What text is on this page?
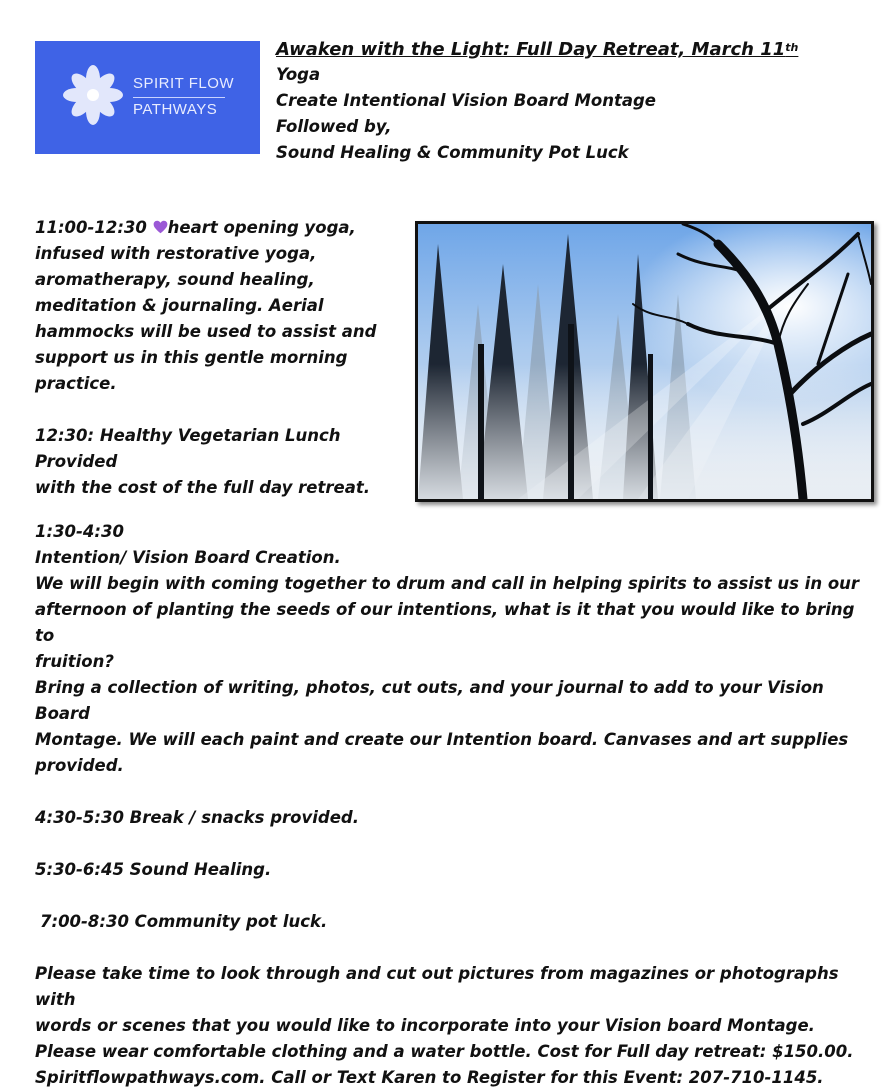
SPIRIT FLOW
PATHWAYS
Awaken with the Light: Full Day Retreat, March 11th
Yoga
Create Intentional Vision Board Montage
Followed by,
Sound Healing & Community Pot Luck

11:00-12:30 heart opening yoga,

infused with restorative yoga,

aromatherapy, sound healing,

meditation & journaling. Aerial

hammocks will be used to assist and

support us in this gentle morning

practice.

12:30: Healthy Vegetarian Lunch Provided

with the cost of the full day retreat.

1:30-4:30

Intention/ Vision Board Creation.

We will begin with coming together to drum and call in helping spirits to assist us in our

afternoon of planting the seeds of our intentions, what is it that you would like to bring to

fruition?

Bring a collection of writing, photos, cut outs, and your journal to add to your Vision Board

Montage. We will each paint and create our Intention board. Canvases and art supplies

provided.

4:30-5:30 Break / snacks provided.

5:30-6:45 Sound Healing.

7:00-8:30 Community pot luck.

Please take time to look through and cut out pictures from magazines or photographs with

words or scenes that you would like to incorporate into your Vision board Montage.

Please wear comfortable clothing and a water bottle. Cost for Full day retreat: $150.00.

Spiritflowpathways.com. Call or Text Karen to Register for this Event: 207-710-1145.
